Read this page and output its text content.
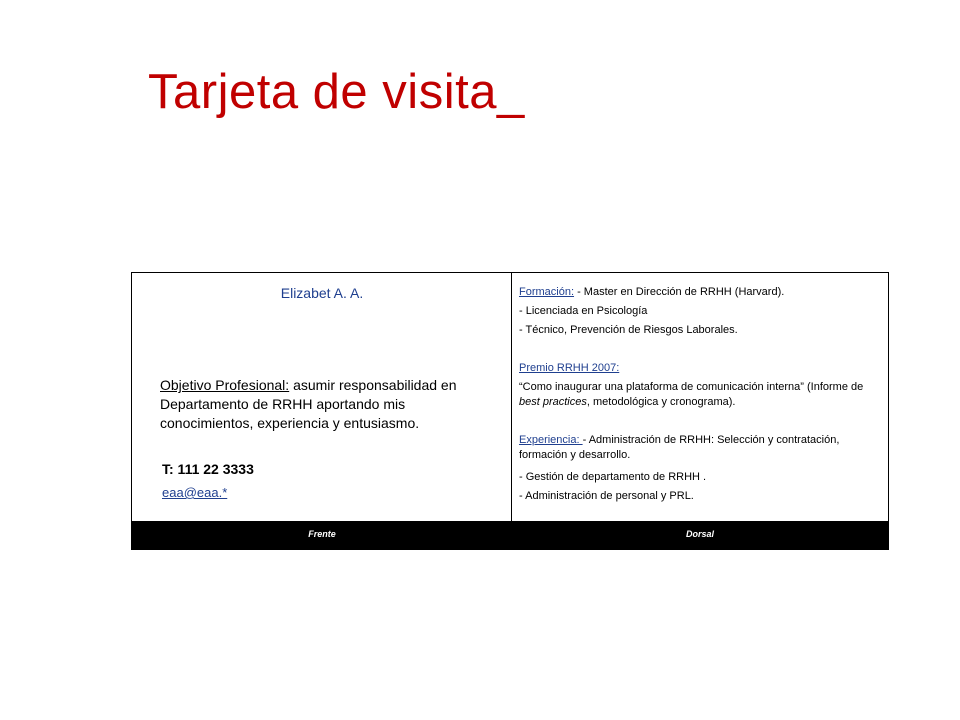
Tarjeta de visita_
Elizabet A. A.
Objetivo Profesional: asumir responsabilidad en Departamento de RRHH aportando mis conocimientos, experiencia y entusiasmo.
T: 111 22 3333
eaa@eaa.*

Formación: - Master en Dirección de RRHH (Harvard).

- Licenciada en Psicología

- Técnico, Prevención de Riesgos Laborales.

Premio RRHH 2007:

“Como inaugurar una plataforma de comunicación interna” (Informe de best practices, metodológica y cronograma).

Experiencia: - Administración de RRHH: Selección y contratación, formación y desarrollo.

- Gestión de departamento de RRHH .

- Administración de personal y PRL.

Frente	Dorsal
